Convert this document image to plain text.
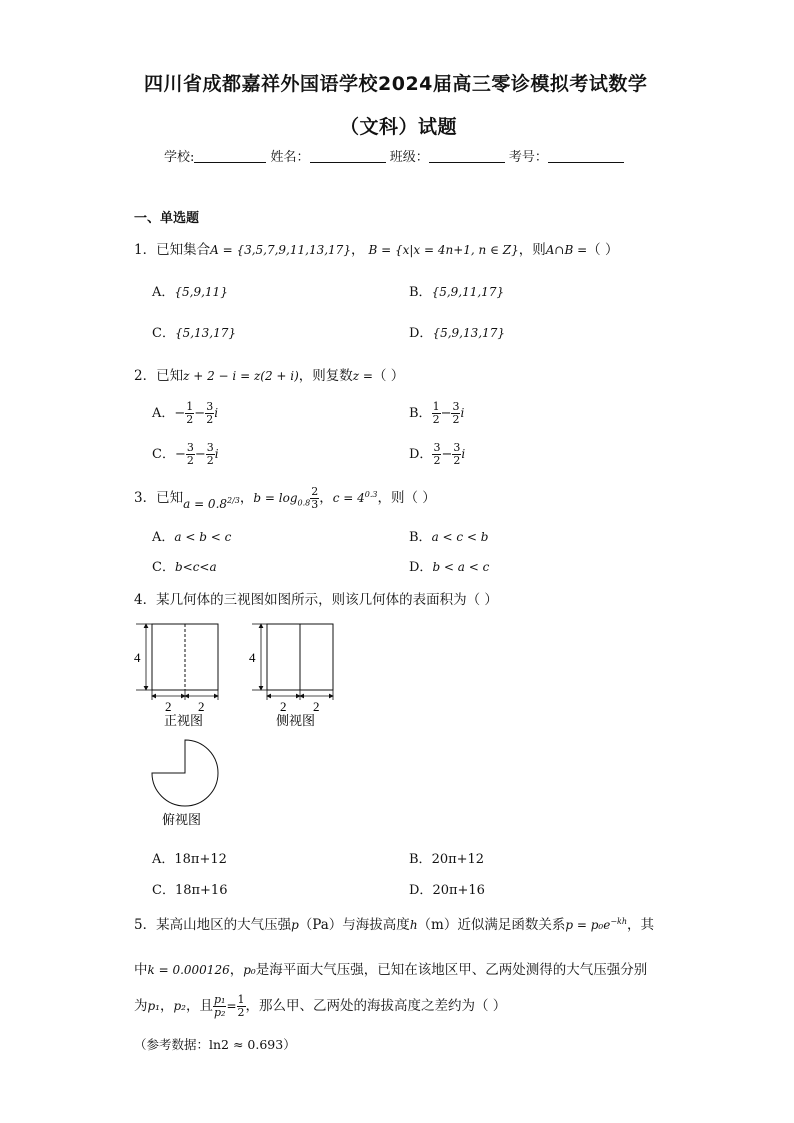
四川省成都嘉祥外国语学校2024届高三零诊模拟考试数学
（文科）试题
学校:	姓名：	班级：	考号：
一、单选题
1．已知集合A = {3,5,7,9,11,13,17}， B = {x|x = 4n+1, n ∈ Z}，则A∩B =（ ）
A．{5,9,11}	B．{5,9,11,17}
C．{5,13,17}	D．{5,9,13,17}
2．已知z + 2 − i = z(2 + i)，则复数z =（ ）
A．− $\frac{1}{2} - \frac{3}{2}$ i	B． $\frac{1}{2} - \frac{3}{2}$ i
C．− $\frac{3}{2} - \frac{3}{2}$ i	D． $\frac{3}{2} - \frac{3}{2}$ i
3．已知$a = 0.8^{2/3}$，$b = \log_{0.8} \frac{2}{3}$ ，$c = 4^{0.3}$，则（ ）
A．a < b < c	B．a < c < b
C．b<c<a	D．b < a < c
4．某几何体的三视图如图所示，则该几何体的表面积为（ ）
4
2 2
正视图
4
2 2
侧视图
俯视图
A．18π+12	B．20π+12
C．18π+16	D．20π+16
5．某高山地区的大气压强p（Pa）与海拔高度h（m）近似满足函数关系$p = p_0e^{-kh}$，其
中k = 0.000126，p₀是海平面大气压强，已知在该地区甲、乙两处测得的大气压强分别
为p₁，p₂，且 $\frac{\text{p₁}}{\text{p₂}} = \frac{1}{2}$ ，那么甲、乙两处的海拔高度之差约为（ ）
（参考数据：ln2 ≈ 0.693）
